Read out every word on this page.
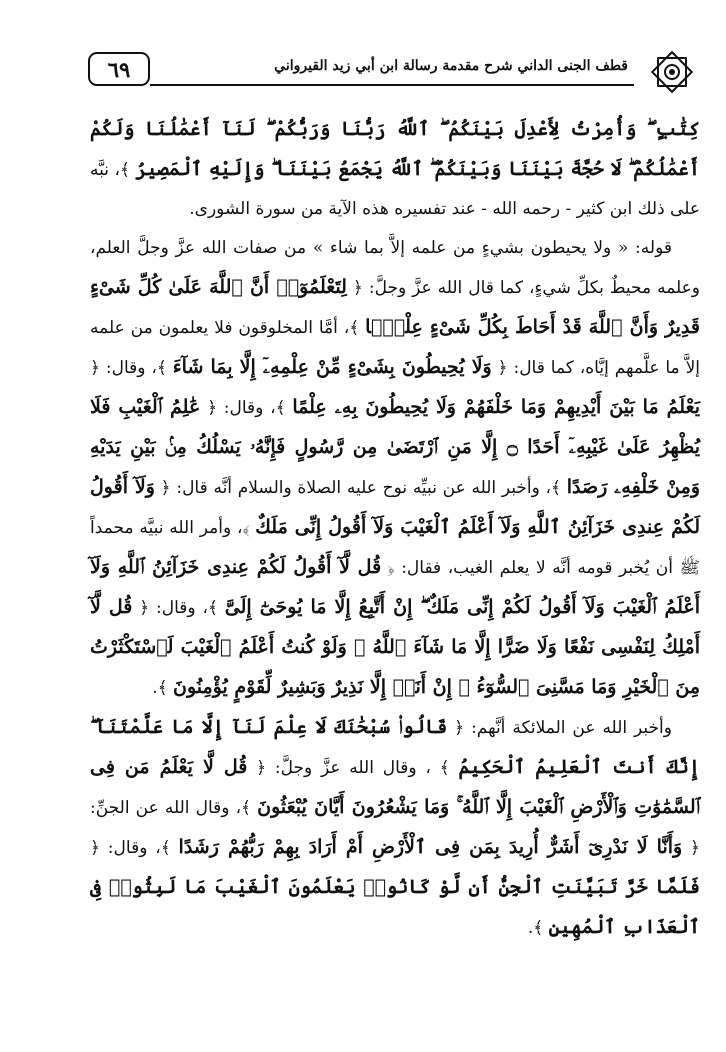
٦٩	قطف الجنى الداني شرح مقدمة رسالة ابن أبي زيد القيرواني

كِتَٰبٍ ۖ وَأُمِرْتُ لِأَعْدِلَ بَيْنَكُمُ ۖ ٱللَّهُ رَبُّنَا وَرَبُّكُمْ ۖ لَنَآ أَعْمَٰلُنَا وَلَكُمْ أَعْمَٰلُكُمْ ۖ لَا حُجَّةَ بَيْنَنَا وَبَيْنَكُمُ ۖ ٱللَّهُ يَجْمَعُ بَيْنَنَا ۖ وَإِلَيْهِ ٱلْمَصِيرُ ﴾، نبَّه على ذلك ابن كثير - رحمه الله - عند تفسيره هذه الآية من سورة الشورى.

قوله: « ولا يحيطون بشيءٍ من علمه إلاَّ بما شاء » من صفات الله عزَّ وجلَّ العلم، وعلمه محيطٌ بكلِّ شيءٍ، كما قال الله عزَّ وجلَّ: ﴿ لِتَعْلَمُوٓا۟ أَنَّ ٱللَّهَ عَلَىٰ كُلِّ شَىْءٍ قَدِيرٌ وَأَنَّ ٱللَّهَ قَدْ أَحَاطَ بِكُلِّ شَىْءٍ عِلْمًۢا ﴾، أمَّا المخلوقون فلا يعلمون من علمه إلاَّ ما علَّمهم إيَّاه، كما قال: ﴿ وَلَا يُحِيطُونَ بِشَىْءٍ مِّنْ عِلْمِهِۦٓ إِلَّا بِمَا شَآءَ ﴾، وقال: ﴿ يَعْلَمُ مَا بَيْنَ أَيْدِيهِمْ وَمَا خَلْفَهُمْ وَلَا يُحِيطُونَ بِهِۦ عِلْمًا ﴾، وقال: ﴿ عَٰلِمُ ٱلْغَيْبِ فَلَا يُظْهِرُ عَلَىٰ غَيْبِهِۦٓ أَحَدًا ۝ إِلَّا مَنِ ٱرْتَضَىٰ مِن رَّسُولٍ فَإِنَّهُۥ يَسْلُكُ مِنۢ بَيْنِ يَدَيْهِ وَمِنْ خَلْفِهِۦ رَصَدًا ﴾، وأخبر الله عن نبيِّه نوح عليه الصلاة والسلام أنَّه قال: ﴿ وَلَآ أَقُولُ لَكُمْ عِندِى خَزَآئِنُ ٱللَّهِ وَلَآ أَعْلَمُ ٱلْغَيْبَ وَلَآ أَقُولُ إِنِّى مَلَكٌ ﴾، وأمر الله نبيَّه محمداً ﷺ أن يُخبر قومه أنَّه لا يعلم الغيب، فقال: ﴿ قُل لَّآ أَقُولُ لَكُمْ عِندِى خَزَآئِنُ ٱللَّهِ وَلَآ أَعْلَمُ ٱلْغَيْبَ وَلَآ أَقُولُ لَكُمْ إِنِّى مَلَكٌ ۖ إِنْ أَتَّبِعُ إِلَّا مَا يُوحَىٰٓ إِلَىَّ ﴾، وقال: ﴿ قُل لَّآ أَمْلِكُ لِنَفْسِى نَفْعًا وَلَا ضَرًّا إِلَّا مَا شَآءَ ٱللَّهُ ۚ وَلَوْ كُنتُ أَعْلَمُ ٱلْغَيْبَ لَٱسْتَكْثَرْتُ مِنَ ٱلْخَيْرِ وَمَا مَسَّنِىَ ٱلسُّوٓءُ ۚ إِنْ أَنَا۠ إِلَّا نَذِيرٌ وَبَشِيرٌ لِّقَوْمٍ يُؤْمِنُونَ ﴾.

وأخبر الله عن الملائكة أنَّهم: ﴿ قَالُوا۟ سُبْحَٰنَكَ لَا عِلْمَ لَنَآ إِلَّا مَا عَلَّمْتَنَآ ۖ إِنَّكَ أَنتَ ٱلْعَلِيمُ ٱلْحَكِيمُ ﴾ ، وقال الله عزَّ وجلَّ: ﴿ قُل لَّا يَعْلَمُ مَن فِى ٱلسَّمَٰوَٰتِ وَٱلْأَرْضِ ٱلْغَيْبَ إِلَّا ٱللَّهُ ۚ وَمَا يَشْعُرُونَ أَيَّانَ يُبْعَثُونَ ﴾، وقال الله عن الجنِّ: ﴿ وَأَنَّا لَا نَدْرِىٓ أَشَرٌّ أُرِيدَ بِمَن فِى ٱلْأَرْضِ أَمْ أَرَادَ بِهِمْ رَبُّهُمْ رَشَدًا ﴾، وقال: ﴿ فَلَمَّا خَرَّ تَبَيَّنَتِ ٱلْجِنُّ أَن لَّوْ كَانُوا۟ يَعْلَمُونَ ٱلْغَيْبَ مَا لَبِثُوا۟ فِى ٱلْعَذَابِ ٱلْمُهِينِ ﴾.
